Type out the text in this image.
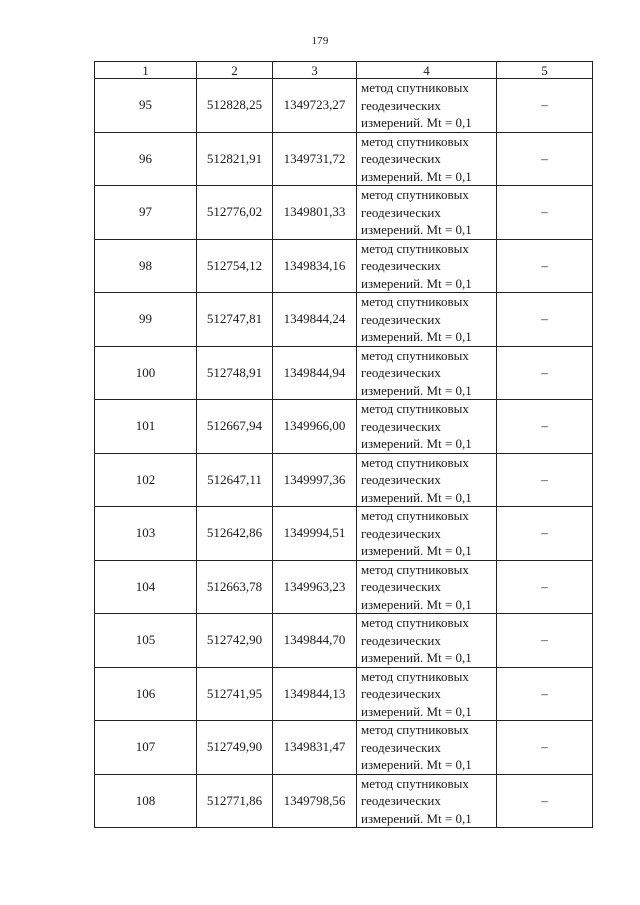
179
1	2	3	4	5
95	512828,25	1349723,27	метод спутниковых
геодезических
измерений. Mt = 0,1	–
96	512821,91	1349731,72	метод спутниковых
геодезических
измерений. Mt = 0,1	–
97	512776,02	1349801,33	метод спутниковых
геодезических
измерений. Mt = 0,1	–
98	512754,12	1349834,16	метод спутниковых
геодезических
измерений. Mt = 0,1	–
99	512747,81	1349844,24	метод спутниковых
геодезических
измерений. Mt = 0,1	–
100	512748,91	1349844,94	метод спутниковых
геодезических
измерений. Mt = 0,1	–
101	512667,94	1349966,00	метод спутниковых
геодезических
измерений. Mt = 0,1	–
102	512647,11	1349997,36	метод спутниковых
геодезических
измерений. Mt = 0,1	–
103	512642,86	1349994,51	метод спутниковых
геодезических
измерений. Mt = 0,1	–
104	512663,78	1349963,23	метод спутниковых
геодезических
измерений. Mt = 0,1	–
105	512742,90	1349844,70	метод спутниковых
геодезических
измерений. Mt = 0,1	–
106	512741,95	1349844,13	метод спутниковых
геодезических
измерений. Mt = 0,1	–
107	512749,90	1349831,47	метод спутниковых
геодезических
измерений. Mt = 0,1	–
108	512771,86	1349798,56	метод спутниковых
геодезических
измерений. Mt = 0,1	–
